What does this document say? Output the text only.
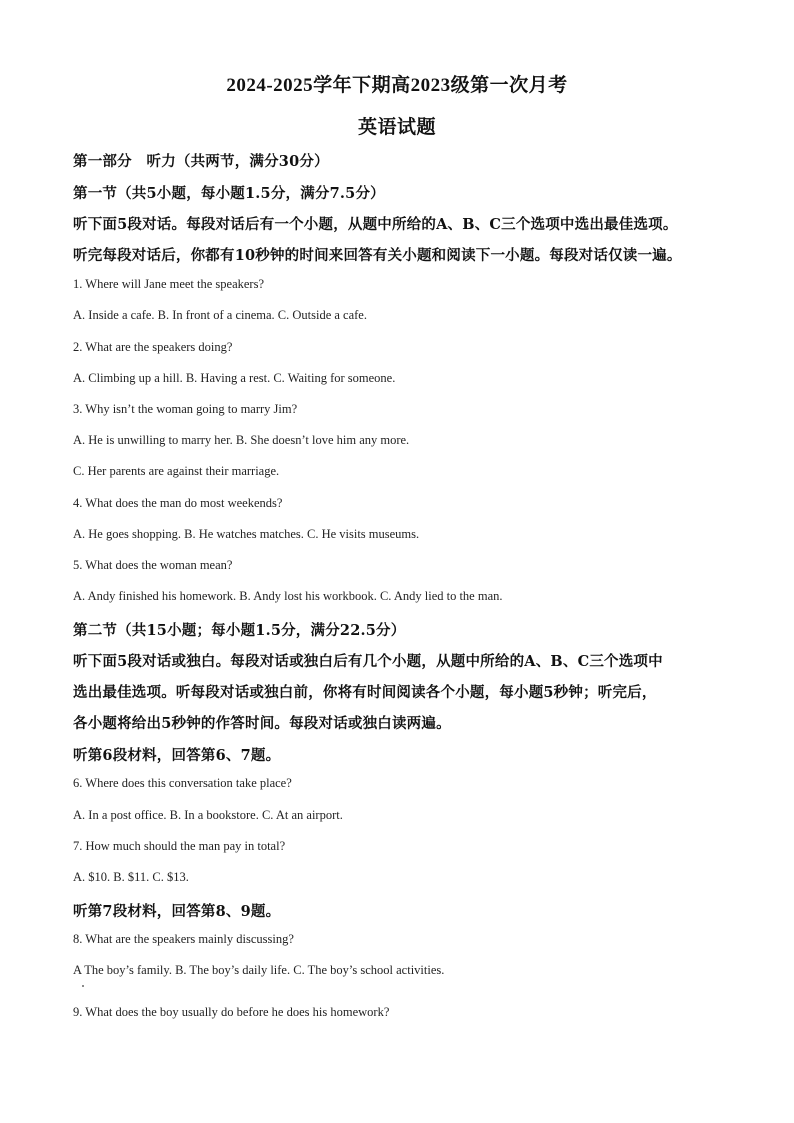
2024-2025学年下期高2023级第一次月考
英语试题
第一部分　听力（共两节，满分30分）
第一节（共5小题，每小题1.5分，满分7.5分）
听下面5段对话。每段对话后有一个小题，从题中所给的A、B、C三个选项中选出最佳选项。
听完每段对话后，你都有10秒钟的时间来回答有关小题和阅读下一小题。每段对话仅读一遍。
1. Where will Jane meet the speakers?
A. Inside a cafe. B. In front of a cinema. C. Outside a cafe.
2. What are the speakers doing?
A. Climbing up a hill. B. Having a rest. C. Waiting for someone.
3. Why isn’t the woman going to marry Jim?
A. He is unwilling to marry her. B. She doesn’t love him any more.
C. Her parents are against their marriage.
4. What does the man do most weekends?
A. He goes shopping. B. He watches matches. C. He visits museums.
5. What does the woman mean?
A. Andy finished his homework. B. Andy lost his workbook. C. Andy lied to the man.
第二节（共15小题；每小题1.5分，满分22.5分）
听下面5段对话或独白。每段对话或独白后有几个小题，从题中所给的A、B、C三个选项中
选出最佳选项。听每段对话或独白前，你将有时间阅读各个小题，每小题5秒钟；听完后，
各小题将给出5秒钟的作答时间。每段对话或独白读两遍。
听第6段材料，回答第6、7题。
6. Where does this conversation take place?
A. In a post office. B. In a bookstore. C. At an airport.
7. How much should the man pay in total?
A. $10. B. $11. C. $13.
听第7段材料，回答第8、9题。
8. What are the speakers mainly discussing?
A The boy’s family. B. The boy’s daily life. C. The boy’s school activities.
9. What does the boy usually do before he does his homework?
